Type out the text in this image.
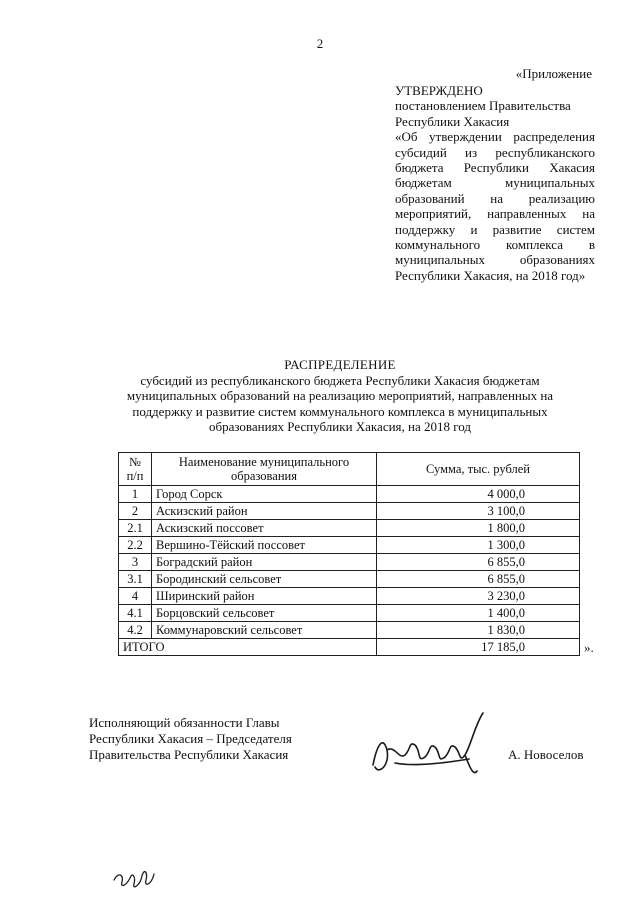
2
«Приложение
УТВЕРЖДЕНО
постановлением Правительства
Республики Хакасия
«Об утверждении распределения субсидий из республиканского бюджета Республики Хакасия бюджетам муниципальных образований на реализацию мероприятий, направленных на поддержку и развитие систем коммунального комплекса в муниципальных образованиях Республики Хакасия, на 2018 год»
РАСПРЕДЕЛЕНИЕ
субсидий из республиканского бюджета Республики Хакасия бюджетам
муниципальных образований на реализацию мероприятий, направленных на
поддержку и развитие систем коммунального комплекса в муниципальных
образованиях Республики Хакасия, на 2018 год
№ п/п	Наименование муниципального образования	Сумма, тыс. рублей
1	Город Сорск	4 000,0
2	Аскизский район	3 100,0
2.1	Аскизский поссовет	1 800,0
2.2	Вершино-Тёйский поссовет	1 300,0
3	Боградский район	6 855,0
3.1	Бородинский сельсовет	6 855,0
4	Ширинский район	3 230,0
4.1	Борцовский сельсовет	1 400,0
4.2	Коммунаровский сельсовет	1 830,0
ИТОГО		17 185,0	».
Исполняющий обязанности Главы
Республики Хакасия – Председателя
Правительства Республики Хакасия	А. Новоселов
